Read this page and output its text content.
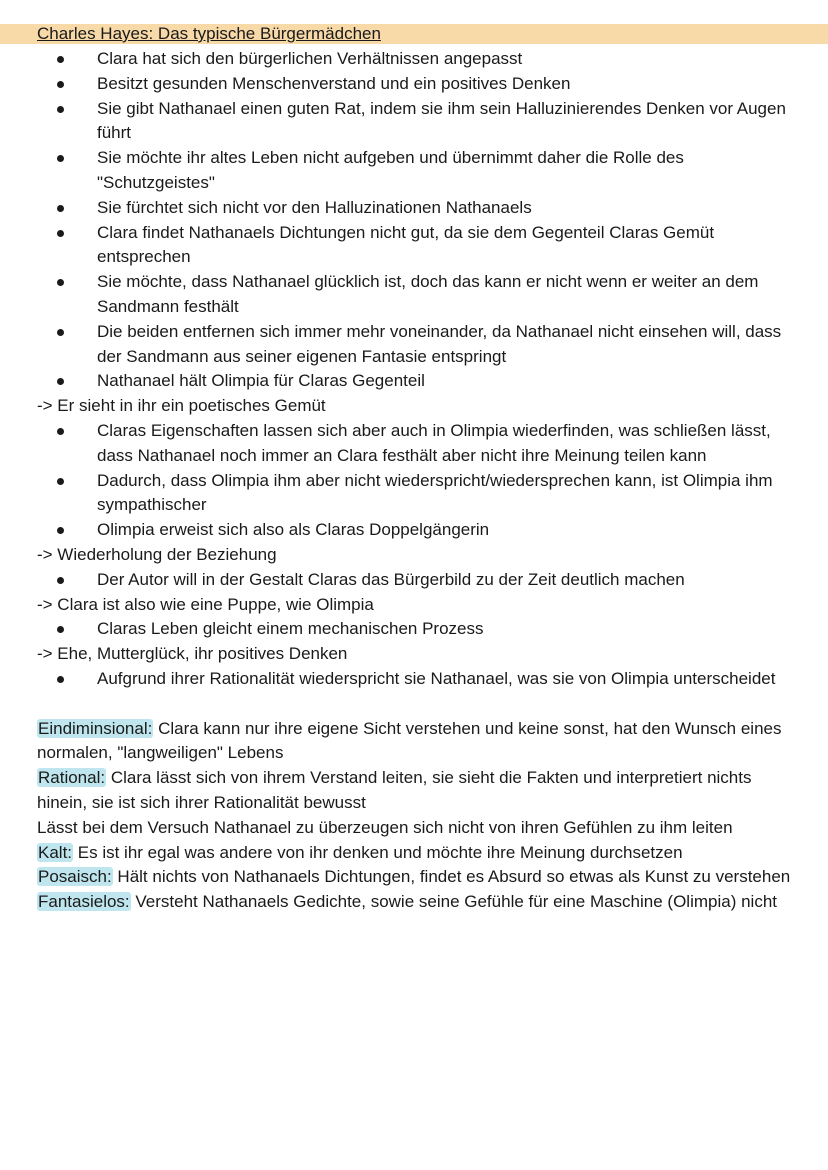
Charles Hayes: Das typische Bürgermädchen
Clara hat sich den bürgerlichen Verhältnissen angepasst
Besitzt gesunden Menschenverstand und ein positives Denken
Sie gibt Nathanael einen guten Rat, indem sie ihm sein Halluzinierendes Denken vor Augen führt
Sie möchte ihr altes Leben nicht aufgeben und übernimmt daher die Rolle des "Schutzgeistes"
Sie fürchtet sich nicht vor den Halluzinationen Nathanaels
Clara findet Nathanaels Dichtungen nicht gut, da sie dem Gegenteil Claras Gemüt entsprechen
Sie möchte, dass Nathanael glücklich ist, doch das kann er nicht wenn er weiter an dem Sandmann festhält
Die beiden entfernen sich immer mehr voneinander, da Nathanael nicht einsehen will, dass der Sandmann aus seiner eigenen Fantasie entspringt
Nathanael hält Olimpia für Claras Gegenteil

-> Er sieht in ihr ein poetisches Gemüt

Claras Eigenschaften lassen sich aber auch in Olimpia wiederfinden, was schließen lässt, dass Nathanael noch immer an Clara festhält aber nicht ihre Meinung teilen kann
Dadurch, dass Olimpia ihm aber nicht wiederspricht/wiedersprechen kann, ist Olimpia ihm sympathischer
Olimpia erweist sich also als Claras Doppelgängerin

-> Wiederholung der Beziehung

Der Autor will in der Gestalt Claras das Bürgerbild zu der Zeit deutlich machen

-> Clara ist also wie eine Puppe, wie Olimpia

Claras Leben gleicht einem mechanischen Prozess

-> Ehe, Mutterglück, ihr positives Denken

Aufgrund ihrer Rationalität wiederspricht sie Nathanael, was sie von Olimpia unterscheidet

Eindiminsional: Clara kann nur ihre eigene Sicht verstehen und keine sonst, hat den Wunsch eines normalen, "langweiligen" Lebens

Rational: Clara lässt sich von ihrem Verstand leiten, sie sieht die Fakten und interpretiert nichts hinein, sie ist sich ihrer Rationalität bewusst

Lässt bei dem Versuch Nathanael zu überzeugen sich nicht von ihren Gefühlen zu ihm leiten

Kalt: Es ist ihr egal was andere von ihr denken und möchte ihre Meinung durchsetzen

Posaisch: Hält nichts von Nathanaels Dichtungen, findet es Absurd so etwas als Kunst zu verstehen

Fantasielos: Versteht Nathanaels Gedichte, sowie seine Gefühle für eine Maschine (Olimpia) nicht
